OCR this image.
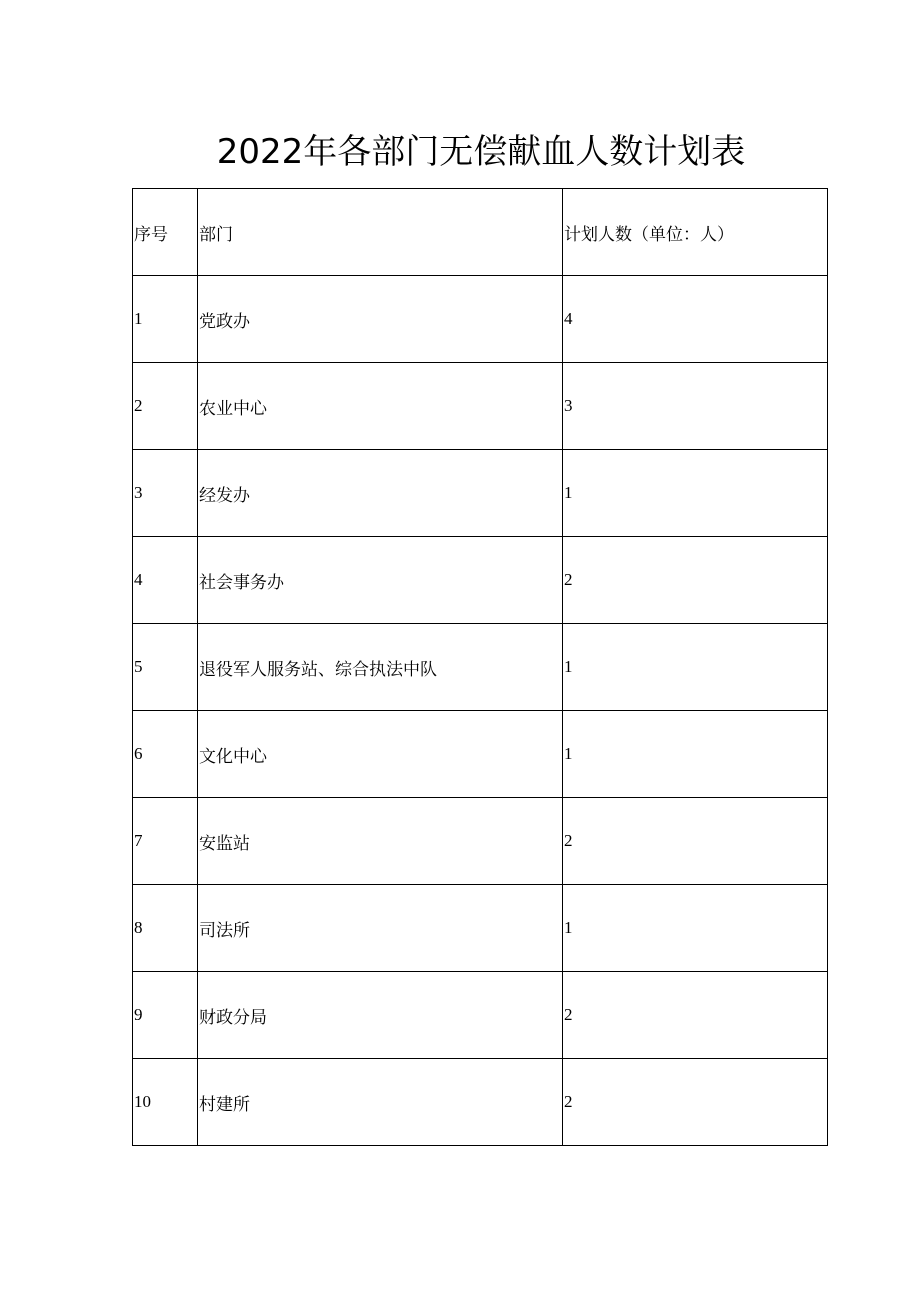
2022年各部门无偿献血人数计划表
序号	部门	计划人数（单位：人）
1	党政办	4
2	农业中心	3
3	经发办	1
4	社会事务办	2
5	退役军人服务站、综合执法中队	1
6	文化中心	1
7	安监站	2
8	司法所	1
9	财政分局	2
10	村建所	2
